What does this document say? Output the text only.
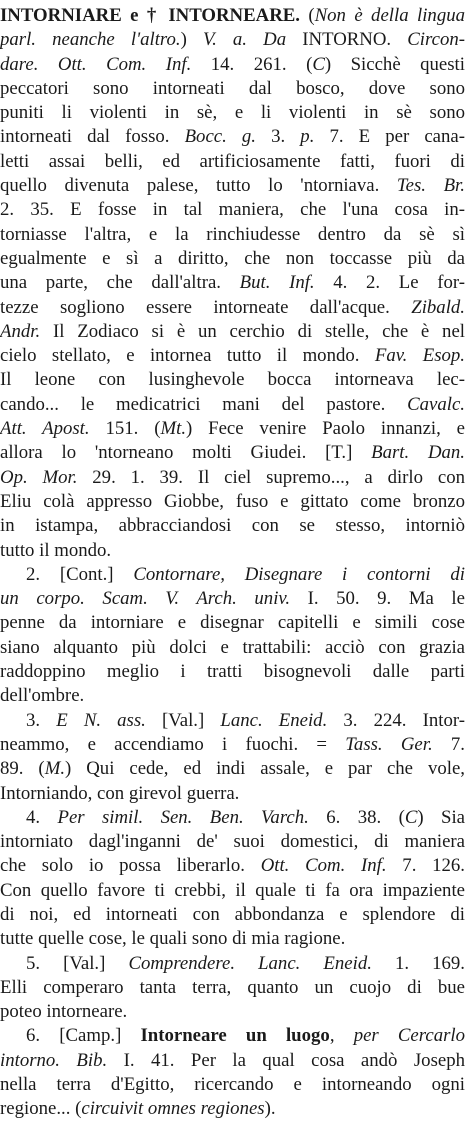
INTORNIARE e † INTORNEARE. (Non è della lingua
parl. neanche l'altro.) V. a. Da INTORNO. Circon-
dare. Ott. Com. Inf. 14. 261. (C) Sicchè questi
peccatori sono intorneati dal bosco, dove sono
puniti li violenti in sè, e li violenti in sè sono
intorneati dal fosso. Bocc. g. 3. p. 7. E per cana-
letti assai belli, ed artificiosamente fatti, fuori di
quello divenuta palese, tutto lo 'ntorniava. Tes. Br.
2. 35. E fosse in tal maniera, che l'una cosa in-
torniasse l'altra, e la rinchiudesse dentro da sè sì
egualmente e sì a diritto, che non toccasse più da
una parte, che dall'altra. But. Inf. 4. 2. Le for-
tezze sogliono essere intorneate dall'acque. Zibald.
Andr. Il Zodiaco si è un cerchio di stelle, che è nel
cielo stellato, e intornea tutto il mondo. Fav. Esop.
Il leone con lusinghevole bocca intorneava lec-
cando... le medicatrici mani del pastore. Cavalc.
Att. Apost. 151. (Mt.) Fece venire Paolo innanzi, e
allora lo 'ntorneano molti Giudei. [T.] Bart. Dan.
Op. Mor. 29. 1. 39. Il ciel supremo..., a dirlo con
Eliu colà appresso Giobbe, fuso e gittato come bronzo
in istampa, abbracciandosi con se stesso, intorniò
tutto il mondo.
2. [Cont.] Contornare, Disegnare i contorni di
un corpo. Scam. V. Arch. univ. I. 50. 9. Ma le
penne da intorniare e disegnar capitelli e simili cose
siano alquanto più dolci e trattabili: acciò con grazia
raddoppino meglio i tratti bisognevoli dalle parti
dell'ombre.
3. E N. ass. [Val.] Lanc. Eneid. 3. 224. Intor-
neammo, e accendiamo i fuochi. = Tass. Ger. 7.
89. (M.) Qui cede, ed indi assale, e par che vole,
Intorniando, con girevol guerra.
4. Per simil. Sen. Ben. Varch. 6. 38. (C) Sia
intorniato dagl'inganni de' suoi domestici, di maniera
che solo io possa liberarlo. Ott. Com. Inf. 7. 126.
Con quello favore ti crebbi, il quale ti fa ora impaziente
di noi, ed intorneati con abbondanza e splendore di
tutte quelle cose, le quali sono di mia ragione.
5. [Val.] Comprendere. Lanc. Eneid. 1. 169.
Elli comperaro tanta terra, quanto un cuojo di bue
poteo intorneare.
6. [Camp.] Intorneare un luogo, per Cercarlo
intorno. Bib. I. 41. Per la qual cosa andò Joseph
nella terra d'Egitto, ricercando e intorneando ogni
regione... (circuivit omnes regiones).
